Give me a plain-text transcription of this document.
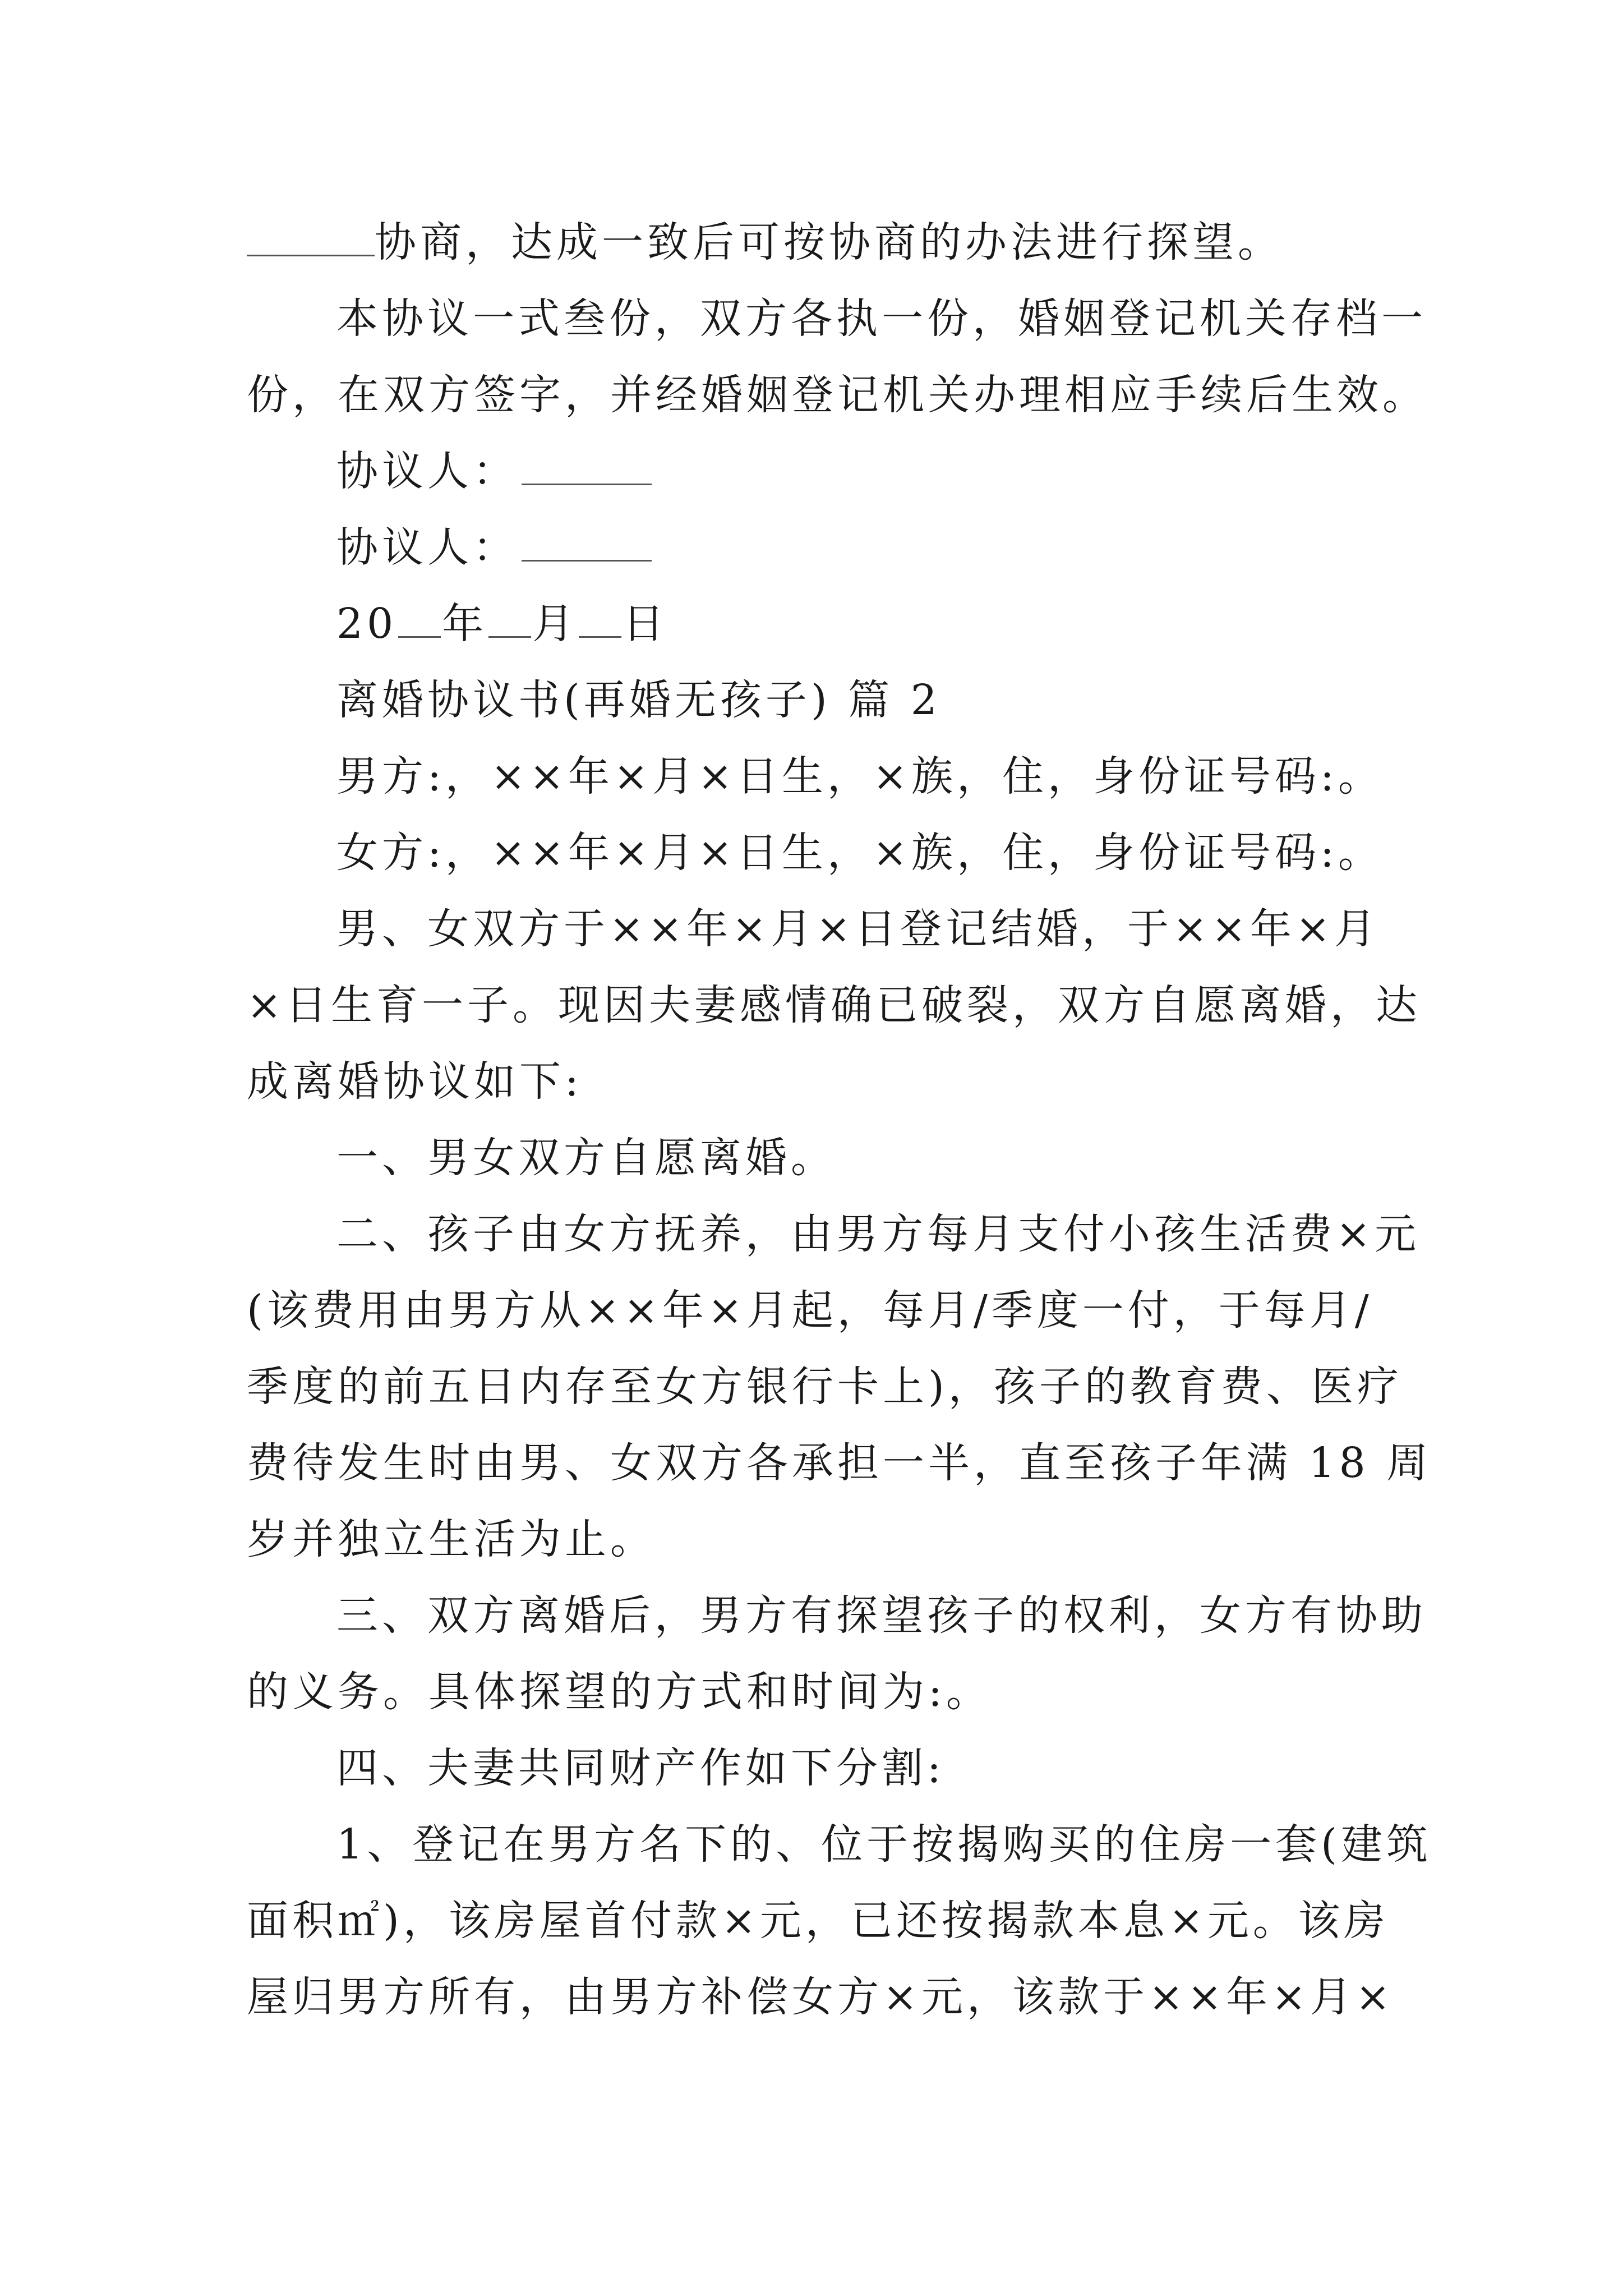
协商，达成一致后可按协商的办法进行探望。
本协议一式叁份，双方各执一份，婚姻登记机关存档一
份，在双方签字，并经婚姻登记机关办理相应手续后生效。
协议人：
协议人：
20 年 月 日
离婚协议书(再婚无孩子) 篇 2
男方:，××年×月×日生，×族，住，身份证号码:。
女方:，××年×月×日生，×族，住，身份证号码:。
男、女双方于××年×月×日登记结婚，于××年×月
×日生育一子。现因夫妻感情确已破裂，双方自愿离婚，达
成离婚协议如下:
一、男女双方自愿离婚。
二、孩子由女方抚养，由男方每月支付小孩生活费×元
(该费用由男方从××年×月起，每月/季度一付，于每月/
季度的前五日内存至女方银行卡上)，孩子的教育费、医疗
费待发生时由男、女双方各承担一半，直至孩子年满 18 周
岁并独立生活为止。
三、双方离婚后，男方有探望孩子的权利，女方有协助
的义务。具体探望的方式和时间为:。
四、夫妻共同财产作如下分割:
1、登记在男方名下的、位于按揭购买的住房一套(建筑
面积㎡)，该房屋首付款×元，已还按揭款本息×元。该房
屋归男方所有，由男方补偿女方×元，该款于××年×月×
